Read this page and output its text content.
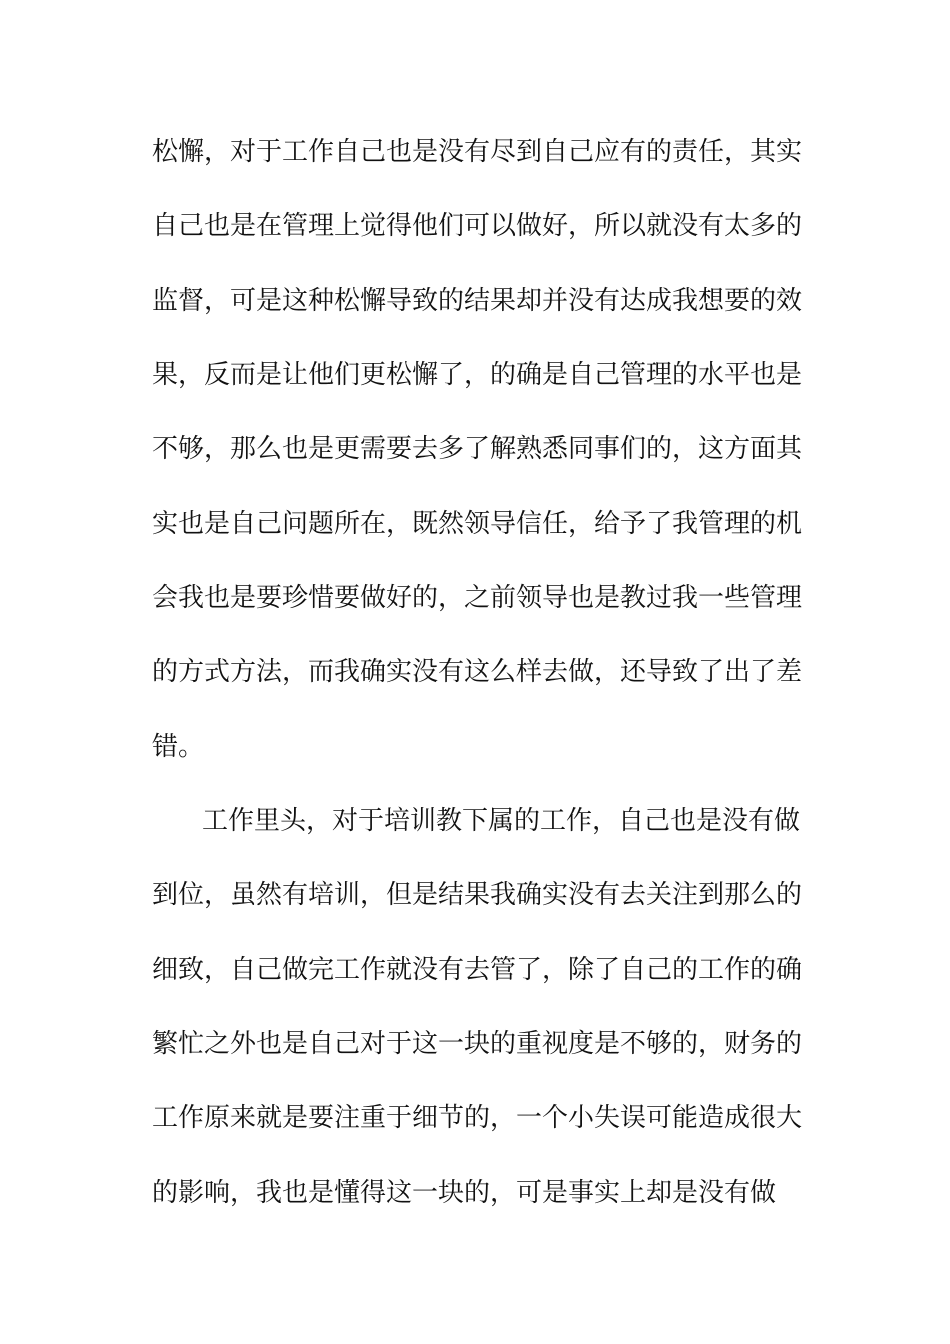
松懈，对于工作自己也是没有尽到自己应有的责任，其实
自己也是在管理上觉得他们可以做好，所以就没有太多的
监督，可是这种松懈导致的结果却并没有达成我想要的效
果，反而是让他们更松懈了，的确是自己管理的水平也是
不够，那么也是更需要去多了解熟悉同事们的，这方面其
实也是自己问题所在，既然领导信任，给予了我管理的机
会我也是要珍惜要做好的，之前领导也是教过我一些管理
的方式方法，而我确实没有这么样去做，还导致了出了差
错。
工作里头，对于培训教下属的工作，自己也是没有做
到位，虽然有培训，但是结果我确实没有去关注到那么的
细致，自己做完工作就没有去管了，除了自己的工作的确
繁忙之外也是自己对于这一块的重视度是不够的，财务的
工作原来就是要注重于细节的，一个小失误可能造成很大
的影响，我也是懂得这一块的，可是事实上却是没有做
